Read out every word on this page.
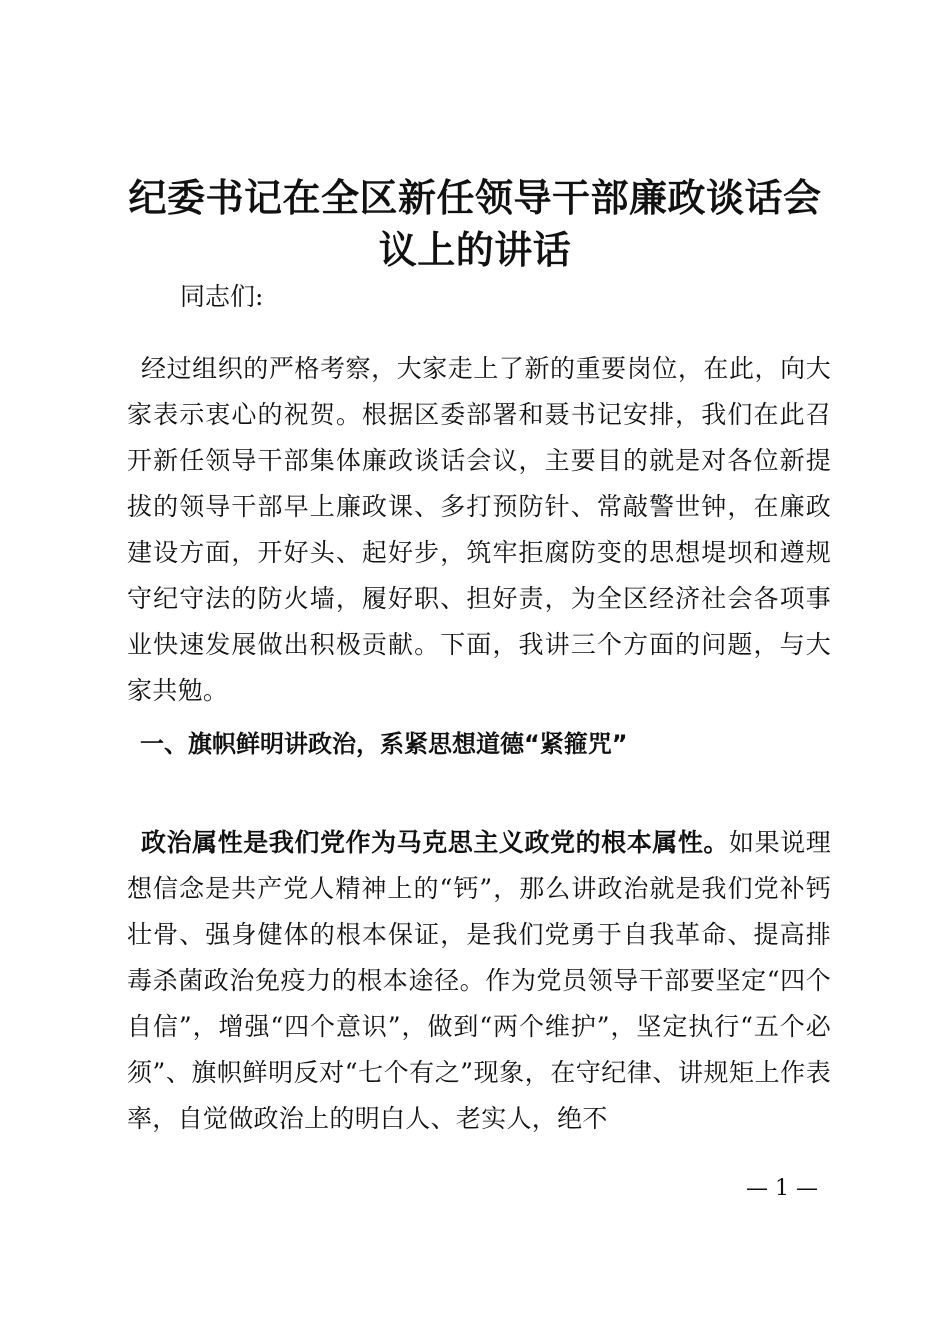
纪委书记在全区新任领导干部廉政谈话会议上的讲话

同志们:

经过组织的严格考察，大家走上了新的重要岗位，在此，向大家表示衷心的祝贺。根据区委部署和聂书记安排，我们在此召开新任领导干部集体廉政谈话会议，主要目的就是对各位新提拔的领导干部早上廉政课、多打预防针、常敲警世钟，在廉政建设方面，开好头、起好步，筑牢拒腐防变的思想堤坝和遵规守纪守法的防火墙，履好职、担好责，为全区经济社会各项事业快速发展做出积极贡献。下面，我讲三个方面的问题，与大家共勉。

一、旗帜鲜明讲政治，系紧思想道德“紧箍咒”

政治属性是我们党作为马克思主义政党的根本属性。如果说理想信念是共产党人精神上的“钙”，那么讲政治就是我们党补钙壮骨、强身健体的根本保证，是我们党勇于自我革命、提高排毒杀菌政治免疫力的根本途径。作为党员领导干部要坚定“四个自信”，增强“四个意识”，做到“两个维护”，坚定执行“五个必须”、旗帜鲜明反对“七个有之”现象，在守纪律、讲规矩上作表率，自觉做政治上的明白人、老实人，绝不

— 1 —
